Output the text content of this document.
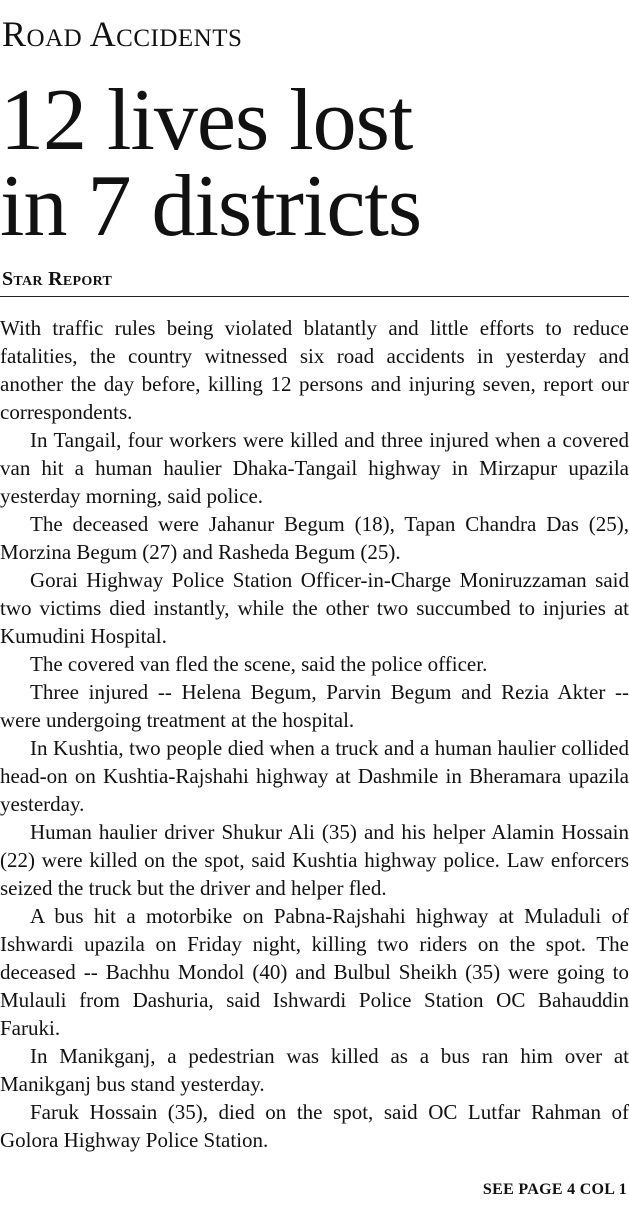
Road Accidents
12 lives lost
in 7 districts
Star Report

With traffic rules being violated blatantly and little efforts to reduce fatalities, the country witnessed six road accidents in yesterday and another the day before, killing 12 persons and injuring seven, report our correspondents.

In Tangail, four workers were killed and three injured when a covered van hit a human haulier Dhaka-Tangail highway in Mirzapur upazila yesterday morning, said police.

The deceased were Jahanur Begum (18), Tapan Chandra Das (25), Morzina Begum (27) and Rasheda Begum (25).

Gorai Highway Police Station Officer-in-Charge Moniruzzaman said two victims died instantly, while the other two succumbed to injuries at Kumudini Hospital.

The covered van fled the scene, said the police officer.

Three injured -- Helena Begum, Parvin Begum and Rezia Akter -- were undergoing treatment at the hospital.

In Kushtia, two people died when a truck and a human haulier collided head-on on Kushtia-Rajshahi highway at Dashmile in Bheramara upazila yesterday.

Human haulier driver Shukur Ali (35) and his helper Alamin Hossain (22) were killed on the spot, said Kushtia highway police. Law enforcers seized the truck but the driver and helper fled.

A bus hit a motorbike on Pabna-Rajshahi highway at Muladuli of Ishwardi upazila on Friday night, killing two riders on the spot. The deceased -- Bachhu Mondol (40) and Bulbul Sheikh (35) were going to Mulauli from Dashuria, said Ishwardi Police Station OC Bahauddin Faruki.

In Manikganj, a pedestrian was killed as a bus ran him over at Manikganj bus stand yesterday.

Faruk Hossain (35), died on the spot, said OC Lutfar Rahman of Golora Highway Police Station.

SEE PAGE 4 COL 1
